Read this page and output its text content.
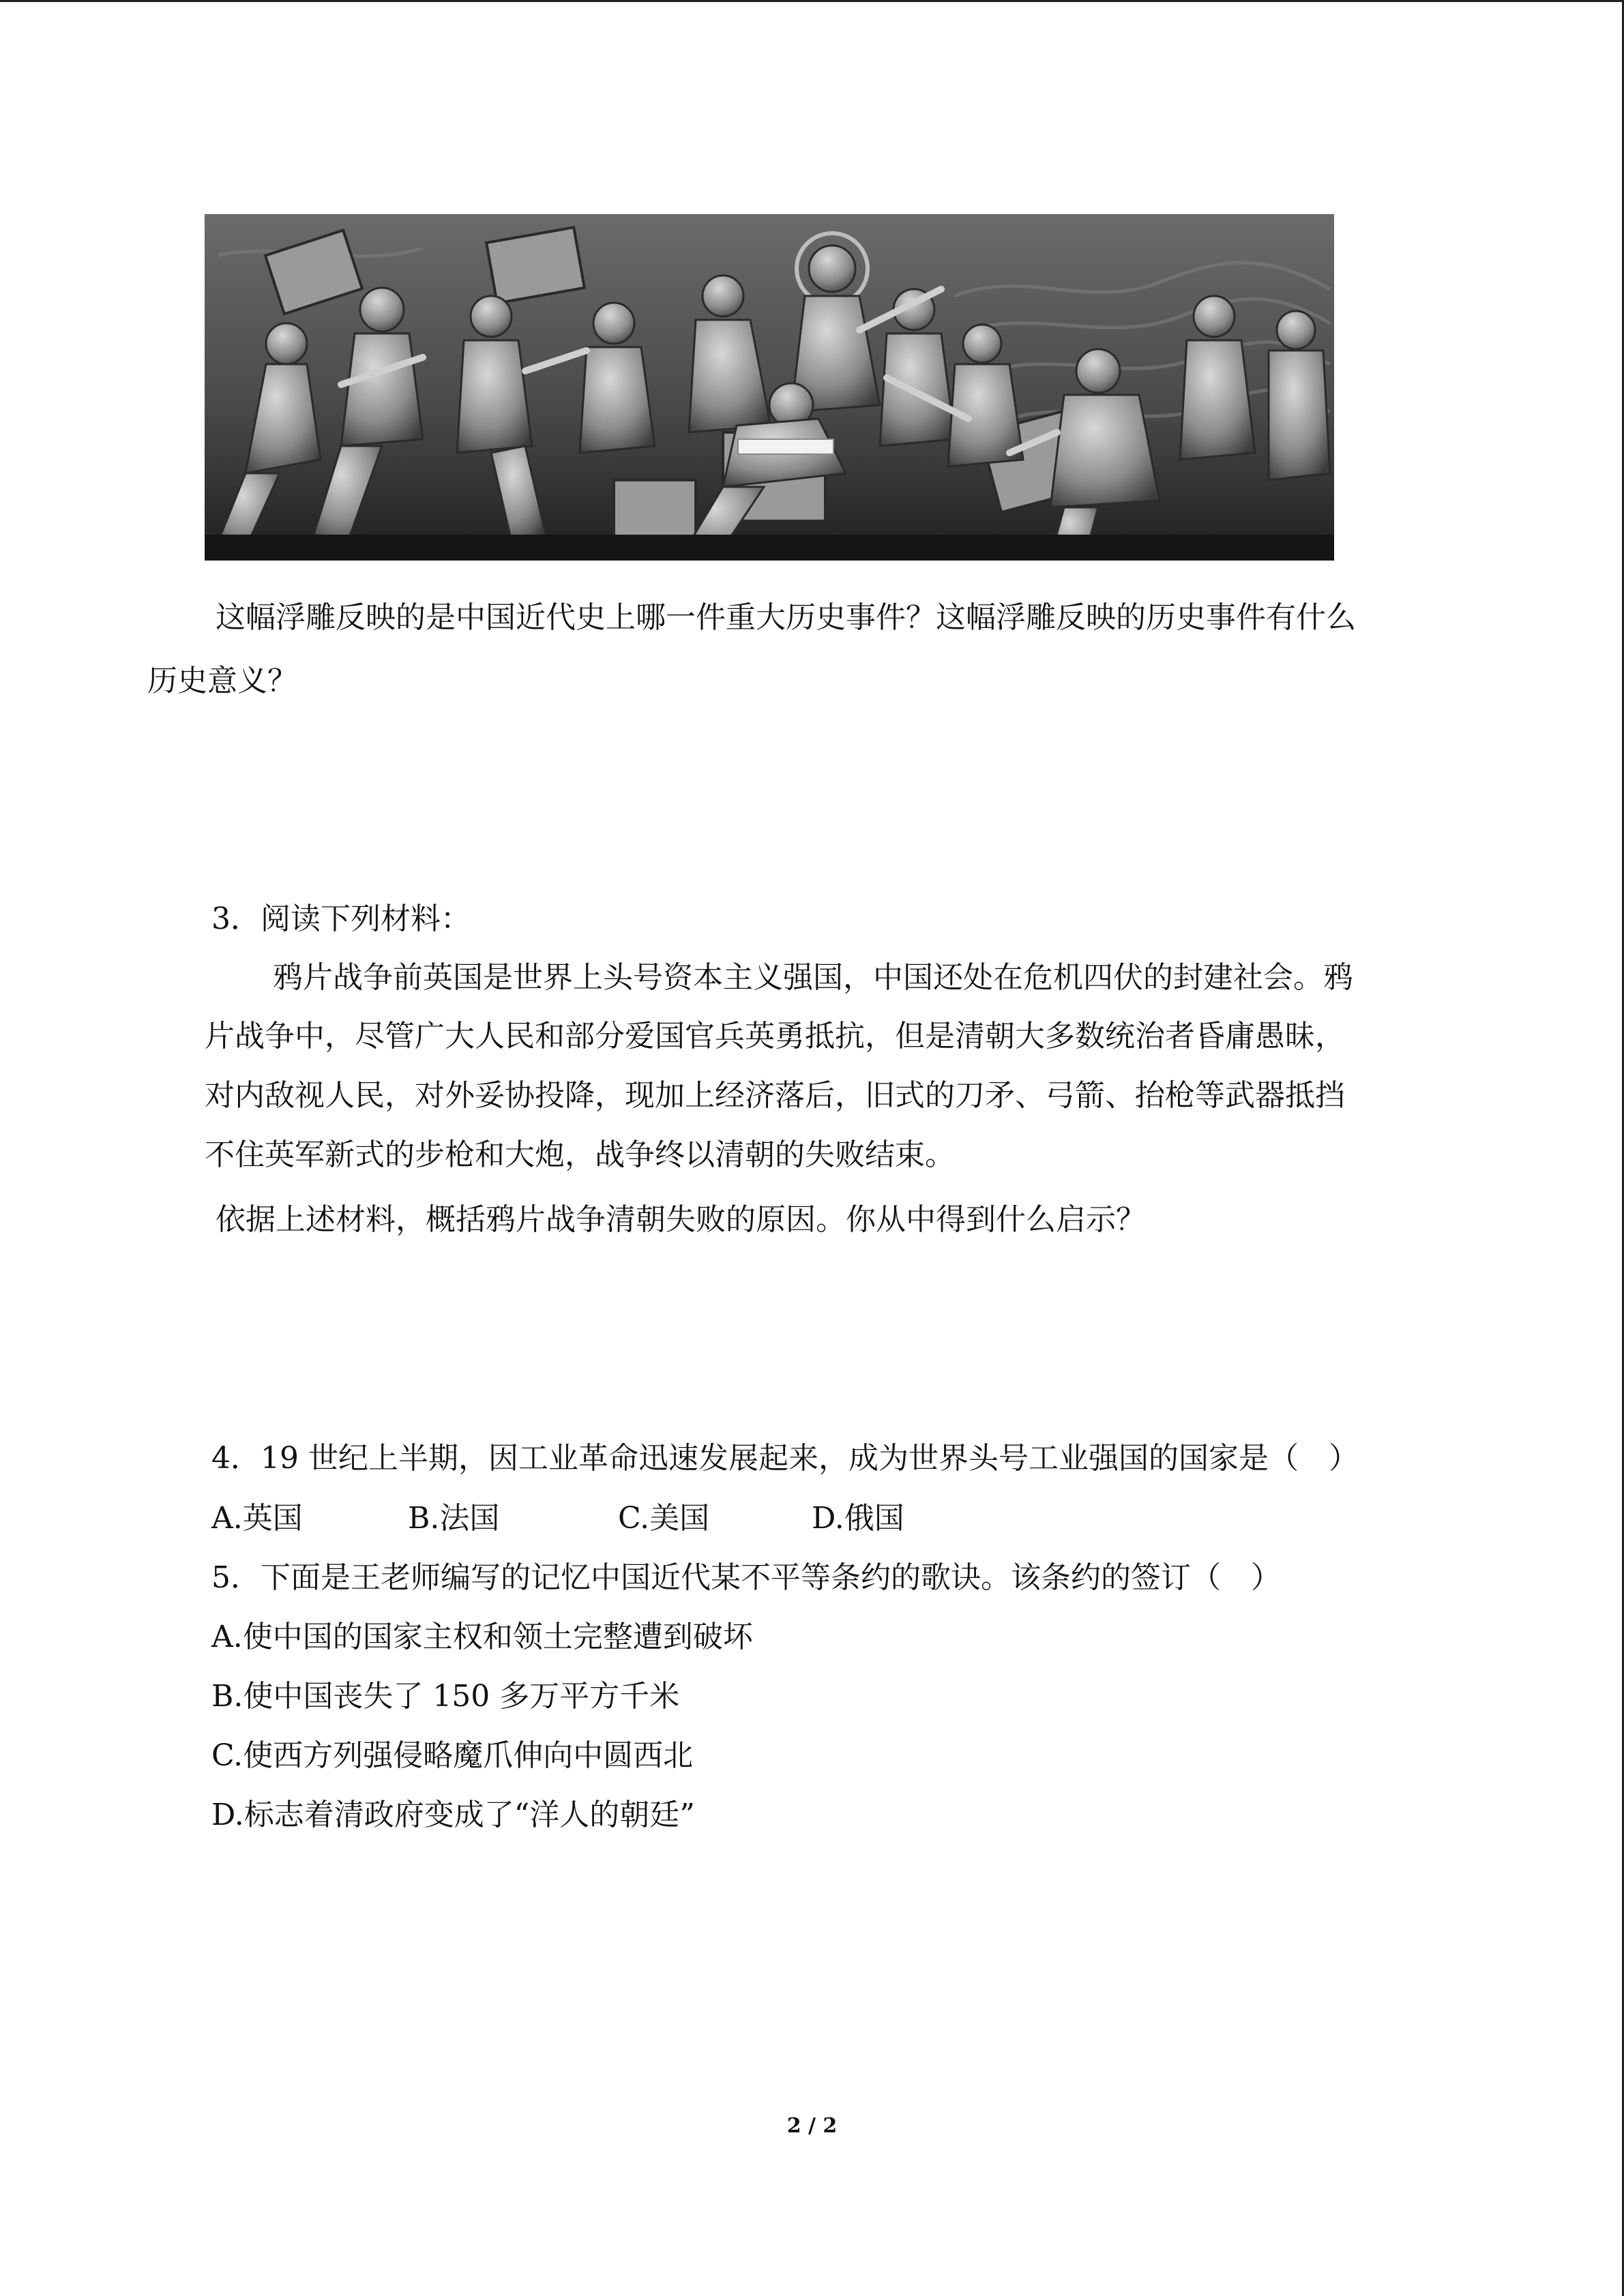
这幅浮雕反映的是中国近代史上哪一件重大历史事件？这幅浮雕反映的历史事件有什么
历史意义？
3．阅读下列材料：
鸦片战争前英国是世界上头号资本主义强国，中国还处在危机四伏的封建社会。鸦
片战争中，尽管广大人民和部分爱国官兵英勇抵抗，但是清朝大多数统治者昏庸愚昧，
对内敌视人民，对外妥协投降，现加上经济落后，旧式的刀矛、弓箭、抬枪等武器抵挡
不住英军新式的步枪和大炮，战争终以清朝的失败结束。
依据上述材料，概括鸦片战争清朝失败的原因。你从中得到什么启示？
4．19 世纪上半期，因工业革命迅速发展起来，成为世界头号工业强国的国家是（　）
A.英国	B.法国	C.美国	D.俄国
5．下面是王老师编写的记忆中国近代某不平等条约的歌诀。该条约的签订（　）
A.使中国的国家主权和领土完整遭到破坏
B.使中国丧失了 150 多万平方千米
C.使西方列强侵略魔爪伸向中圆西北
D.标志着清政府变成了“洋人的朝廷”
2 / 2
